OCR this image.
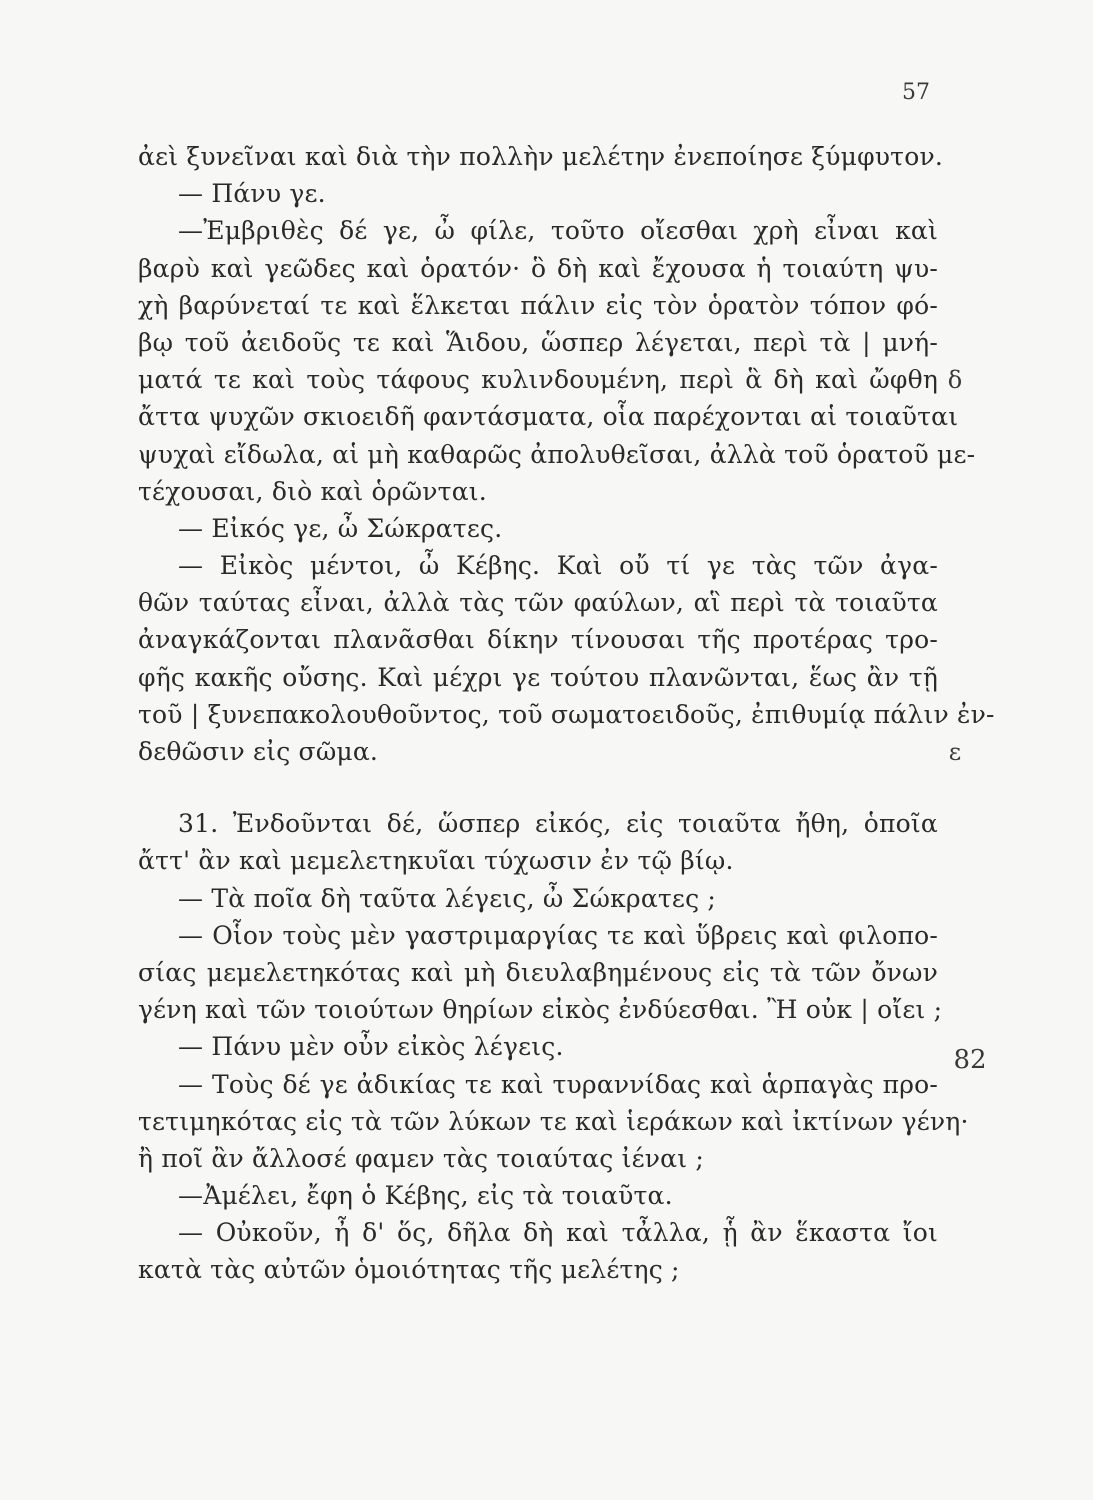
57
δ
ε
82
ἀεὶ ξυνεῖναι καὶ διὰ τὴν πολλὴν μελέτην ἐνεποίησε ξύμφυτον.
— Πάνυ γε.
—Ἐμβριθὲς δέ γε, ὦ φίλε, τοῦτο οἴεσθαι χρὴ εἶναι καὶ
βαρὺ καὶ γεῶδες καὶ ὁρατόν· ὃ δὴ καὶ ἔχουσα ἡ τοιαύτη ψυ-
χὴ βαρύνεταί τε καὶ ἕλκεται πάλιν εἰς τὸν ὁρατὸν τόπον φό-
βῳ τοῦ ἀειδοῦς τε καὶ Ἅιδου, ὥσπερ λέγεται, περὶ τὰ | μνή-
ματά τε καὶ τοὺς τάφους κυλινδουμένη, περὶ ἃ δὴ καὶ ὤφθη
ἄττα ψυχῶν σκιοειδῆ φαντάσματα, οἷα παρέχονται αἱ τοιαῦται
ψυχαὶ εἴδωλα, αἱ μὴ καθαρῶς ἀπολυθεῖσαι, ἀλλὰ τοῦ ὁρατοῦ με-
τέχουσαι, διὸ καὶ ὁρῶνται.
— Εἰκός γε, ὦ Σώκρατες.
— Εἰκὸς μέντοι, ὦ Κέβης. Καὶ οὔ τί γε τὰς τῶν ἀγα-
θῶν ταύτας εἶναι, ἀλλὰ τὰς τῶν φαύλων, αἳ περὶ τὰ τοιαῦτα
ἀναγκάζονται πλανᾶσθαι δίκην τίνουσαι τῆς προτέρας τρο-
φῆς κακῆς οὔσης. Καὶ μέχρι γε τούτου πλανῶνται, ἕως ἂν τῇ
τοῦ | ξυνεπακολουθοῦντος, τοῦ σωματοειδοῦς, ἐπιθυμίᾳ πάλιν ἐν-
δεθῶσιν εἰς σῶμα.
31. Ἐνδοῦνται δέ, ὥσπερ εἰκός, εἰς τοιαῦτα ἤθη, ὁποῖα
ἄττ' ἂν καὶ μεμελετηκυῖαι τύχωσιν ἐν τῷ βίῳ.
— Τὰ ποῖα δὴ ταῦτα λέγεις, ὦ Σώκρατες ;
— Οἷον τοὺς μὲν γαστριμαργίας τε καὶ ὕβρεις καὶ φιλοπο-
σίας μεμελετηκότας καὶ μὴ διευλαβημένους εἰς τὰ τῶν ὄνων
γένη καὶ τῶν τοιούτων θηρίων εἰκὸς ἐνδύεσθαι. Ἢ οὐκ | οἴει ;
— Πάνυ μὲν οὖν εἰκὸς λέγεις.
— Τοὺς δέ γε ἀδικίας τε καὶ τυραννίδας καὶ ἁρπαγὰς προ-
τετιμηκότας εἰς τὰ τῶν λύκων τε καὶ ἱεράκων καὶ ἰκτίνων γένη·
ἢ ποῖ ἂν ἄλλοσέ φαμεν τὰς τοιαύτας ἰέναι ;
—Ἀμέλει, ἔφη ὁ Κέβης, εἰς τὰ τοιαῦτα.
— Οὐκοῦν, ἦ δ' ὅς, δῆλα δὴ καὶ τἆλλα, ᾗ ἂν ἕκαστα ἴοι
κατὰ τὰς αὐτῶν ὁμοιότητας τῆς μελέτης ;
